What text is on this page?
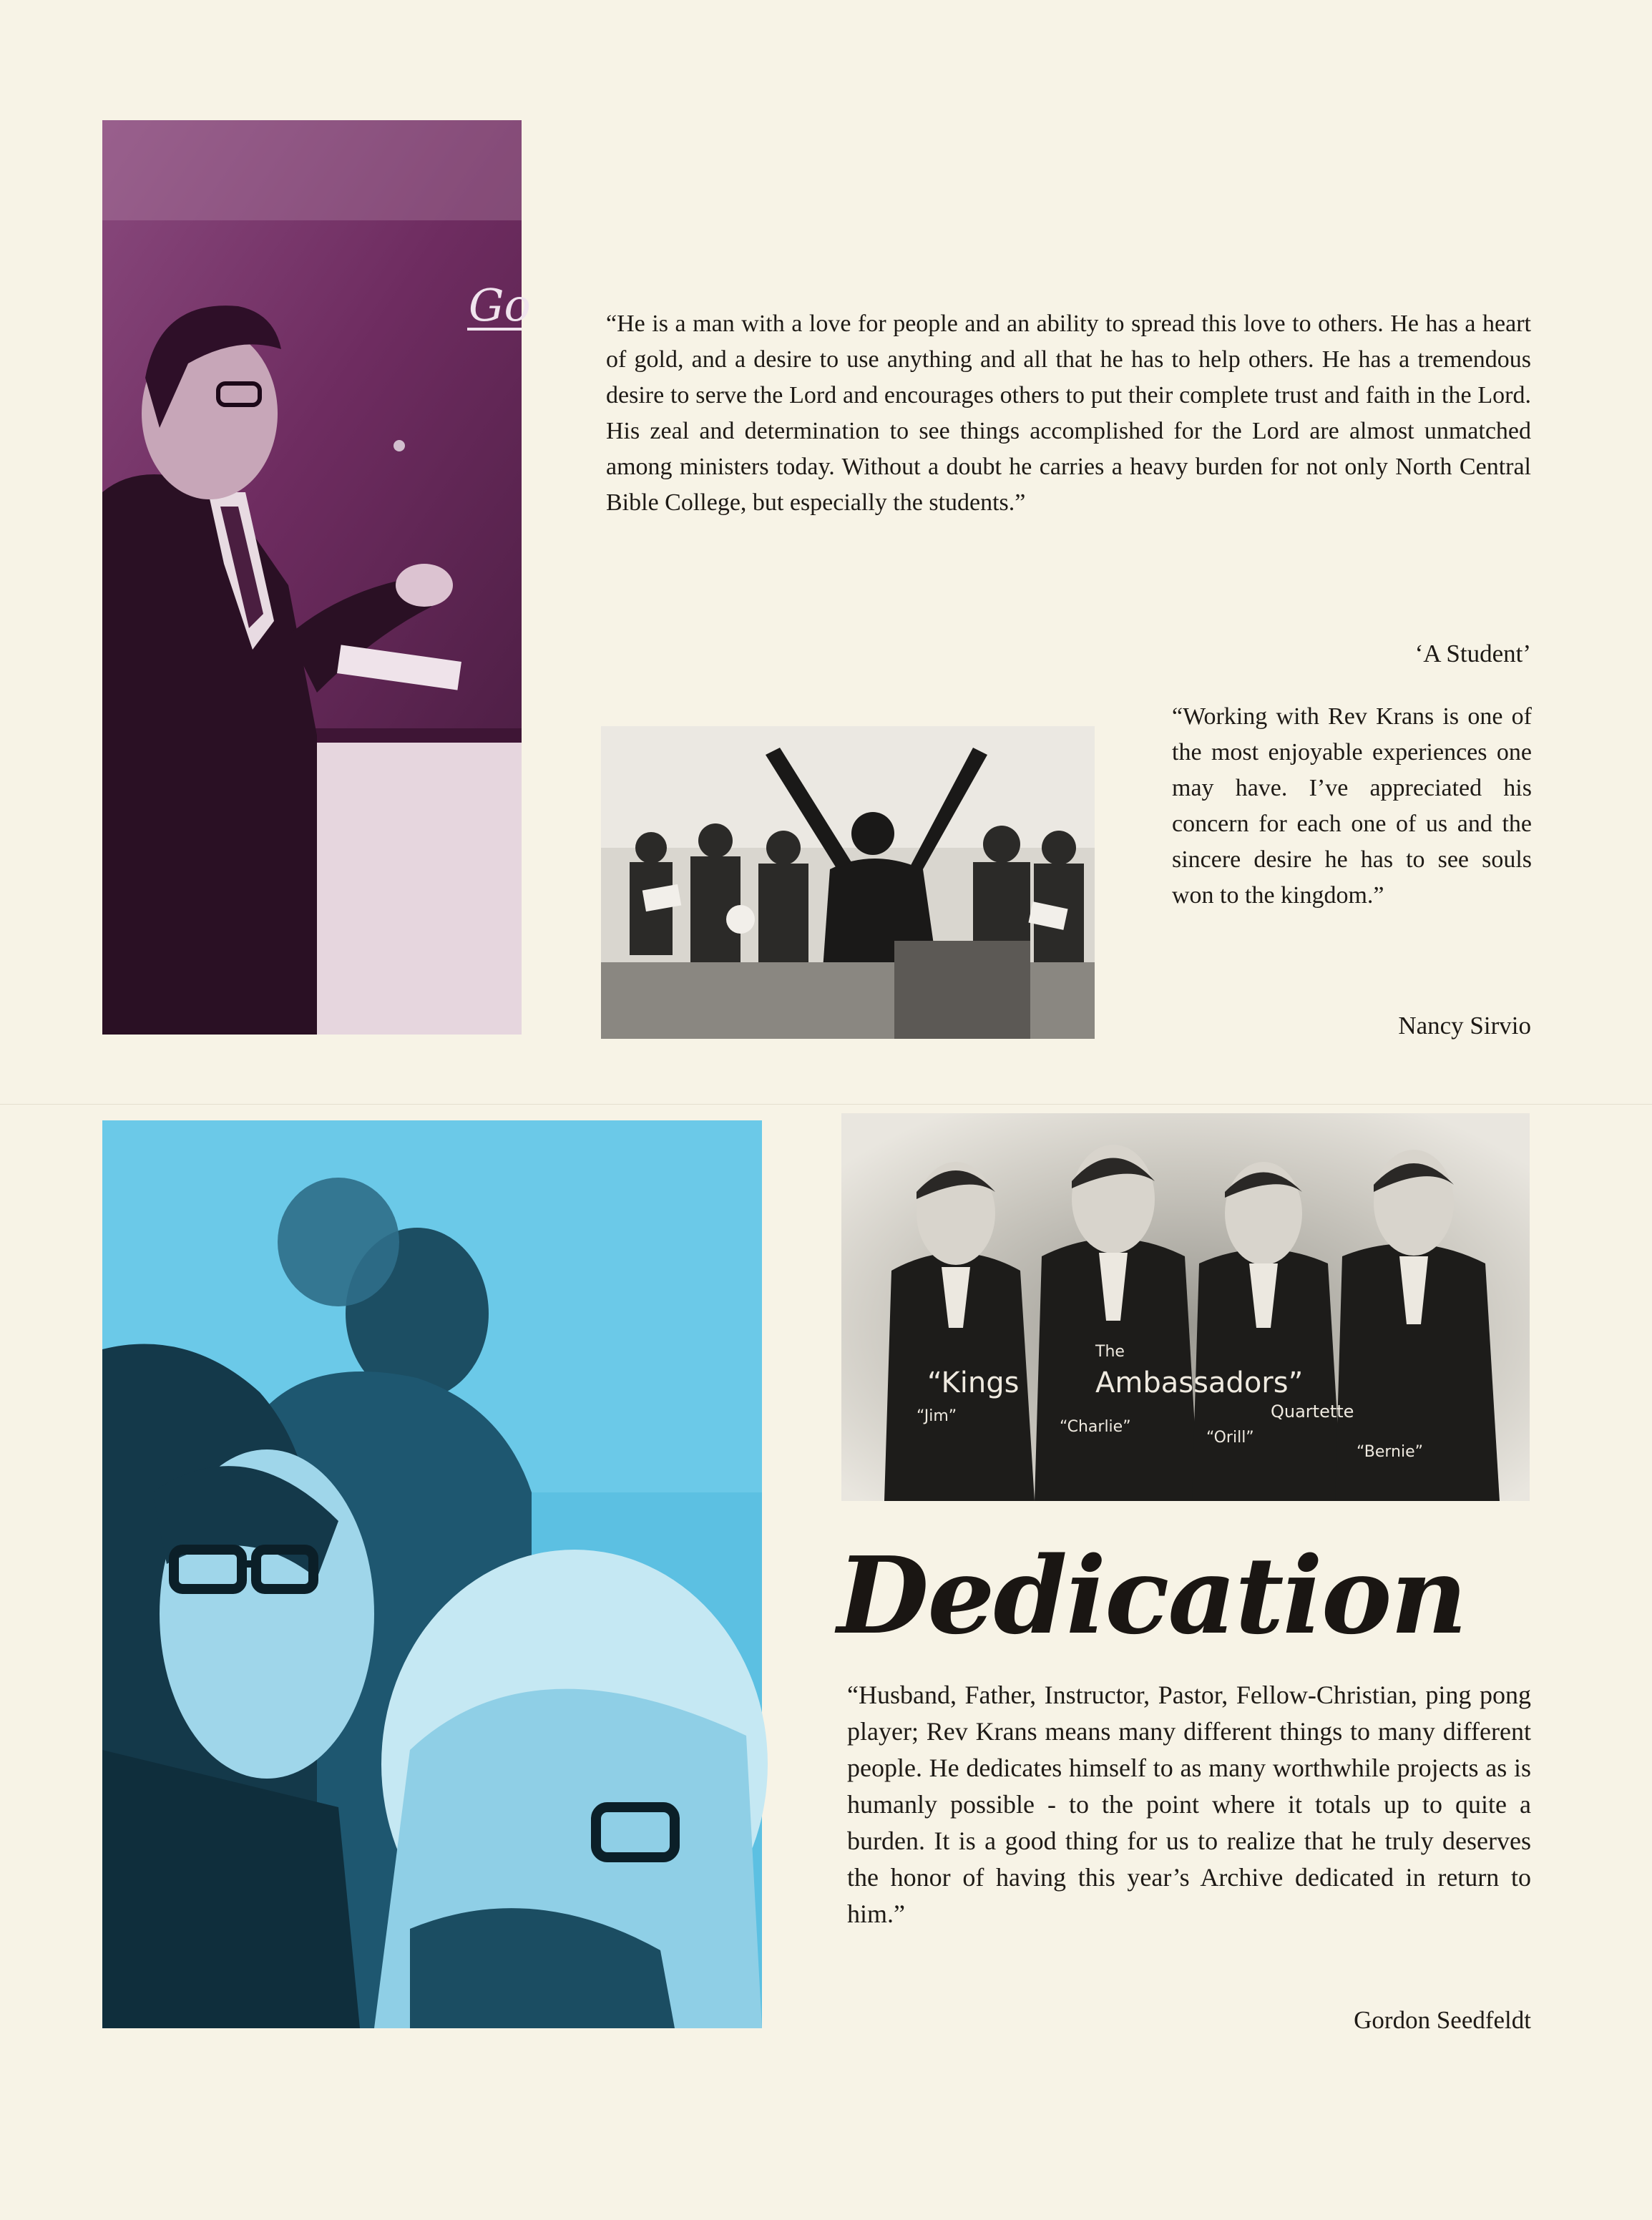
Go	“He is a man with a love for people and an ability to spread this love to others. He has a heart of gold, and a desire to use anything and all that he has to help others. He has a tremendous desire to serve the Lord and encourages others to put their complete trust and faith in the Lord. His zeal and determination to see things accomplished for the Lord are almost unmatched among ministers today. Without a doubt he carries a heavy burden for not only North Central Bible College, but especially the students.”

‘A Student’

“Working with Rev Krans is one of the most enjoyable experiences one may have. I’ve appreciated his concern for each one of us and the sincere desire he has to see souls won to the kingdom.”

Nancy Sirvio

The
“Kings	Ambassadors”
Quartette
“Jim”
“Charlie”
“Orill”
“Bernie”
Dedication

“Husband, Father, Instructor, Pastor, Fellow-Christian, ping pong player; Rev Krans means many different things to many different people. He dedicates himself to as many worthwhile projects as is humanly possible - to the point where it totals up to quite a burden. It is a good thing for us to realize that he truly deserves the honor of having this year’s Archive dedicated in return to him.”

Gordon Seedfeldt
